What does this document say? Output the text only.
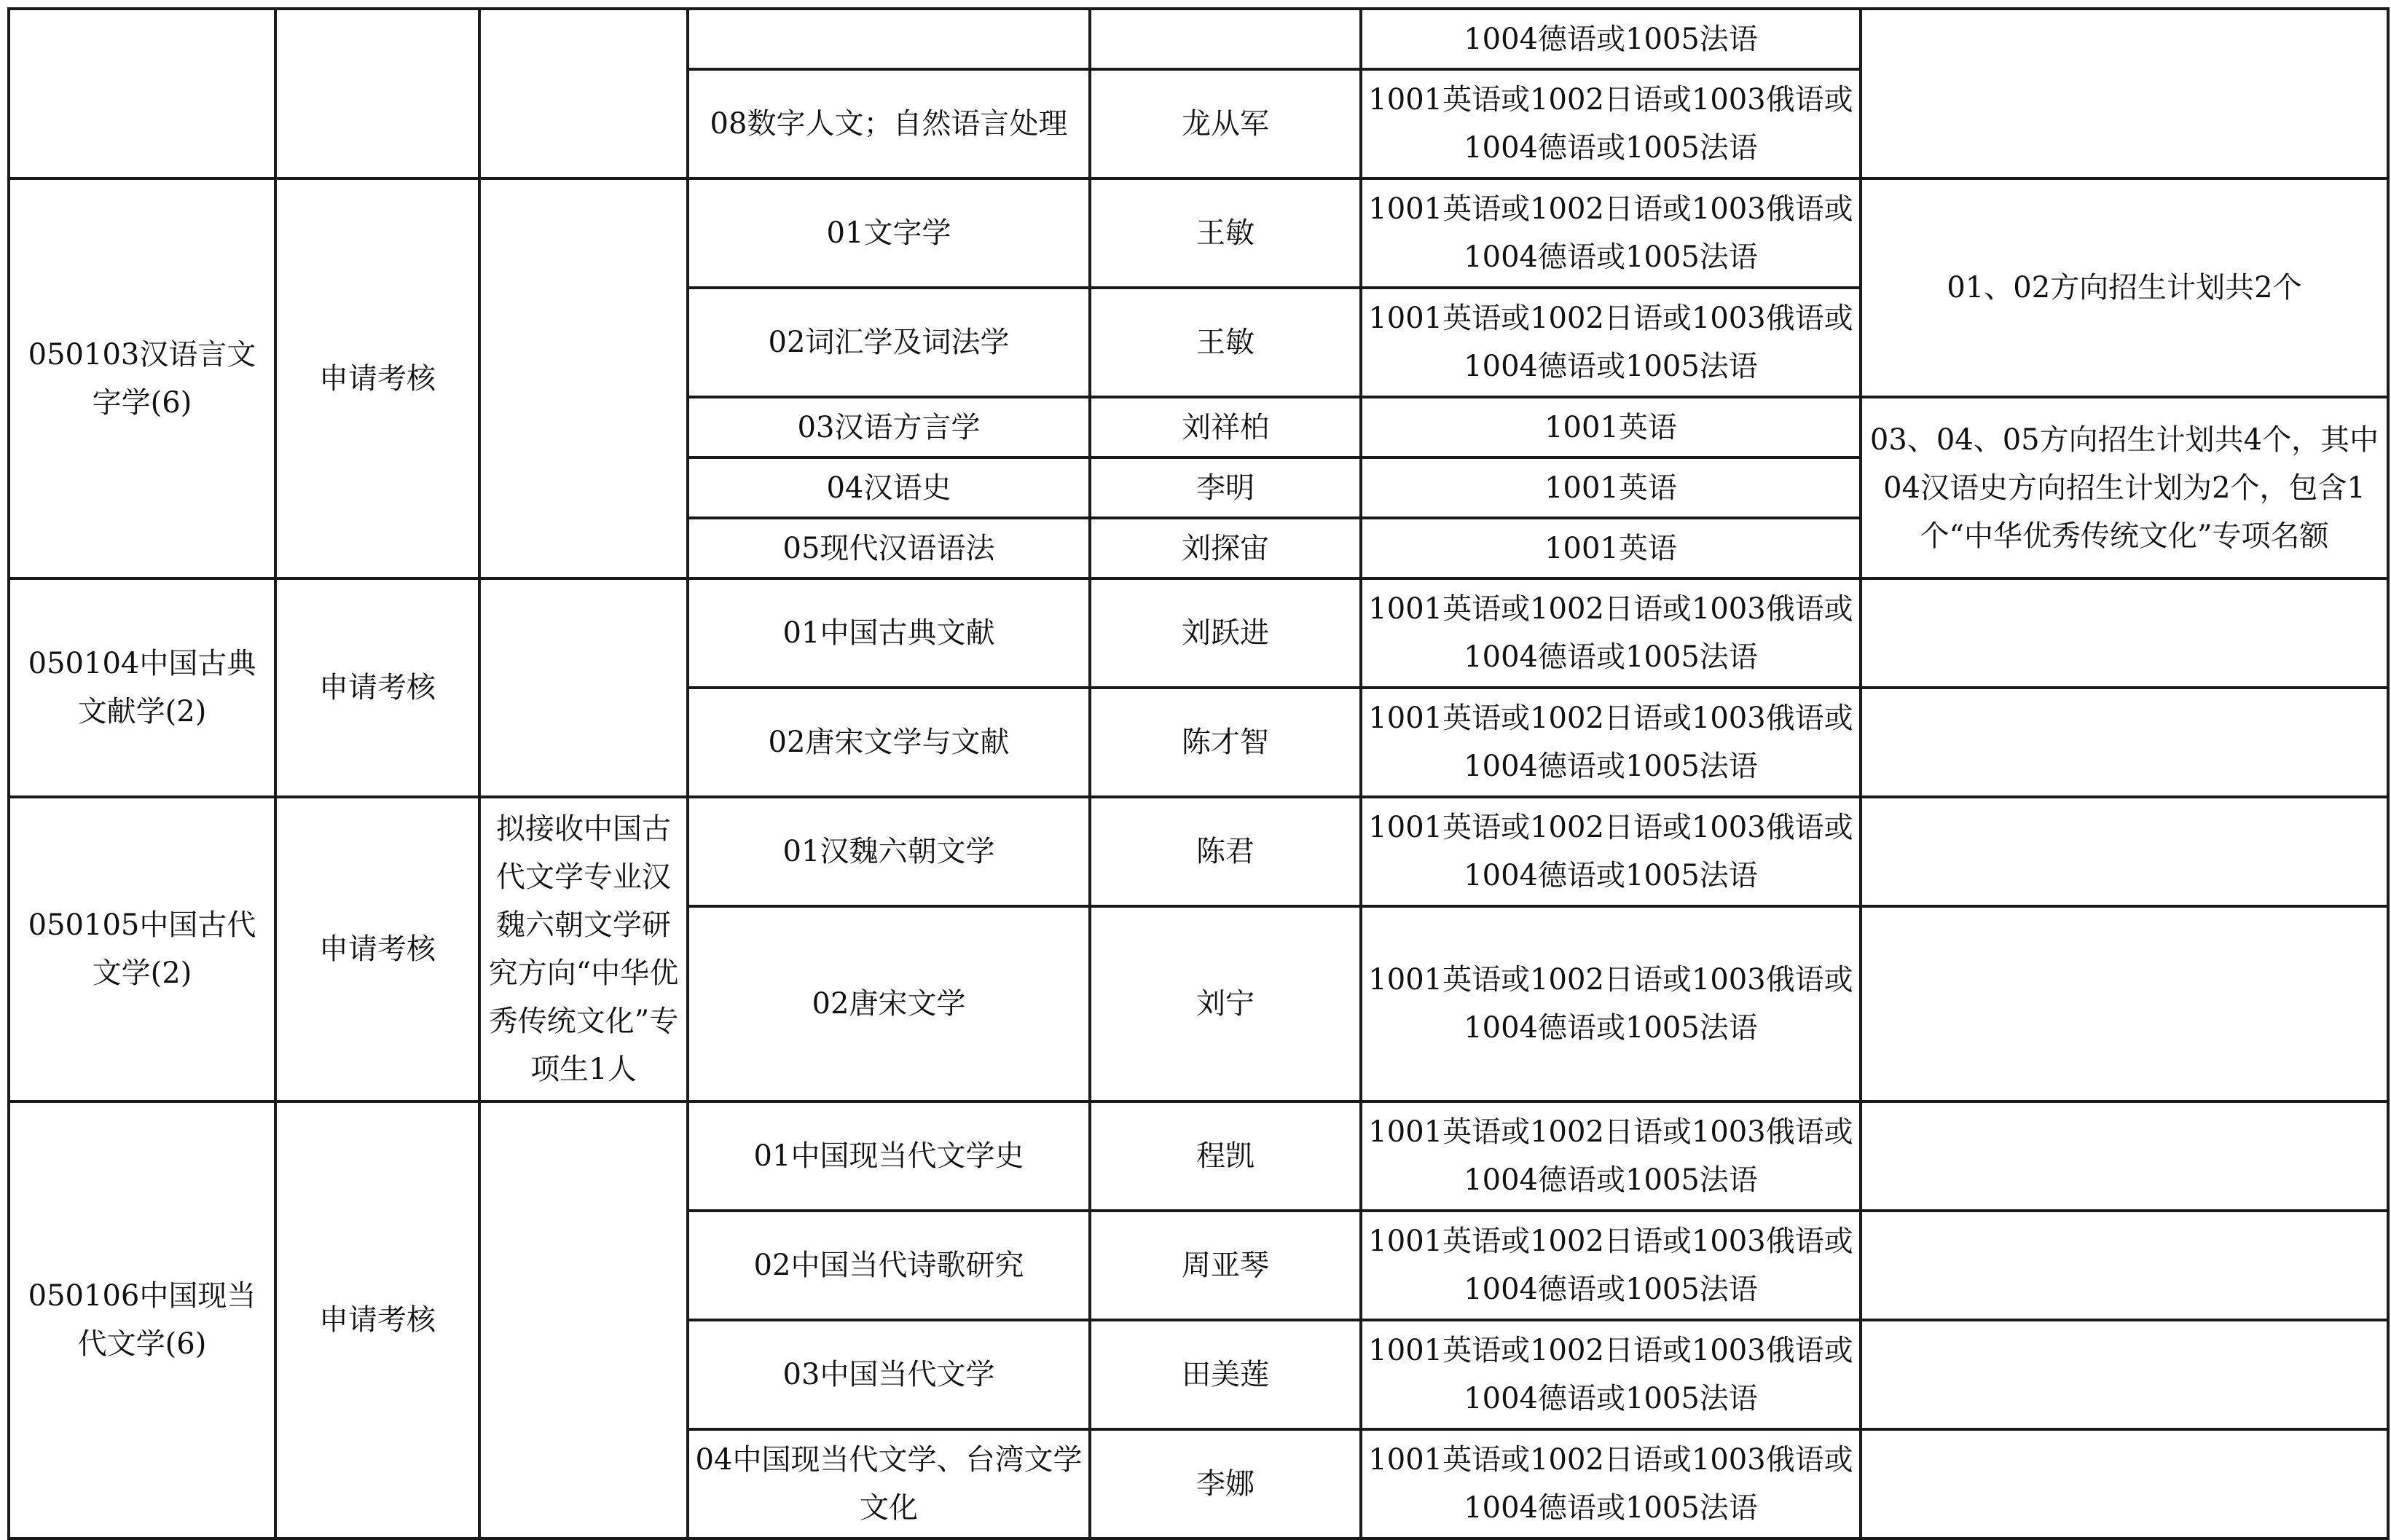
					1004德语或1005法语	
			08数字人文；自然语言处理	龙从军	1001英语或1002日语或1003俄语或1004德语或1005法语	
050103汉语言文字学(6)	申请考核		01文字学	王敏	1001英语或1002日语或1003俄语或1004德语或1005法语	01、02方向招生计划共2个
			02词汇学及词法学	王敏	1001英语或1002日语或1003俄语或1004德语或1005法语	
			03汉语方言学	刘祥柏	1001英语	03、04、05方向招生计划共4个，其中04汉语史方向招生计划为2个，包含1个“中华优秀传统文化”专项名额
			04汉语史	李明	1001英语	
			05现代汉语语法	刘探宙	1001英语	
050104中国古典文献学(2)	申请考核		01中国古典文献	刘跃进	1001英语或1002日语或1003俄语或1004德语或1005法语	
			02唐宋文学与文献	陈才智	1001英语或1002日语或1003俄语或1004德语或1005法语	
050105中国古代文学(2)	申请考核	拟接收中国古代文学专业汉魏六朝文学研究方向“中华优秀传统文化”专项生1人	01汉魏六朝文学	陈君	1001英语或1002日语或1003俄语或1004德语或1005法语	
			02唐宋文学	刘宁	1001英语或1002日语或1003俄语或1004德语或1005法语	
050106中国现当代文学(6)	申请考核		01中国现当代文学史	程凯	1001英语或1002日语或1003俄语或1004德语或1005法语	
			02中国当代诗歌研究	周亚琴	1001英语或1002日语或1003俄语或1004德语或1005法语	
			03中国当代文学	田美莲	1001英语或1002日语或1003俄语或1004德语或1005法语	
			04中国现当代文学、台湾文学文化	李娜	1001英语或1002日语或1003俄语或1004德语或1005法语	
